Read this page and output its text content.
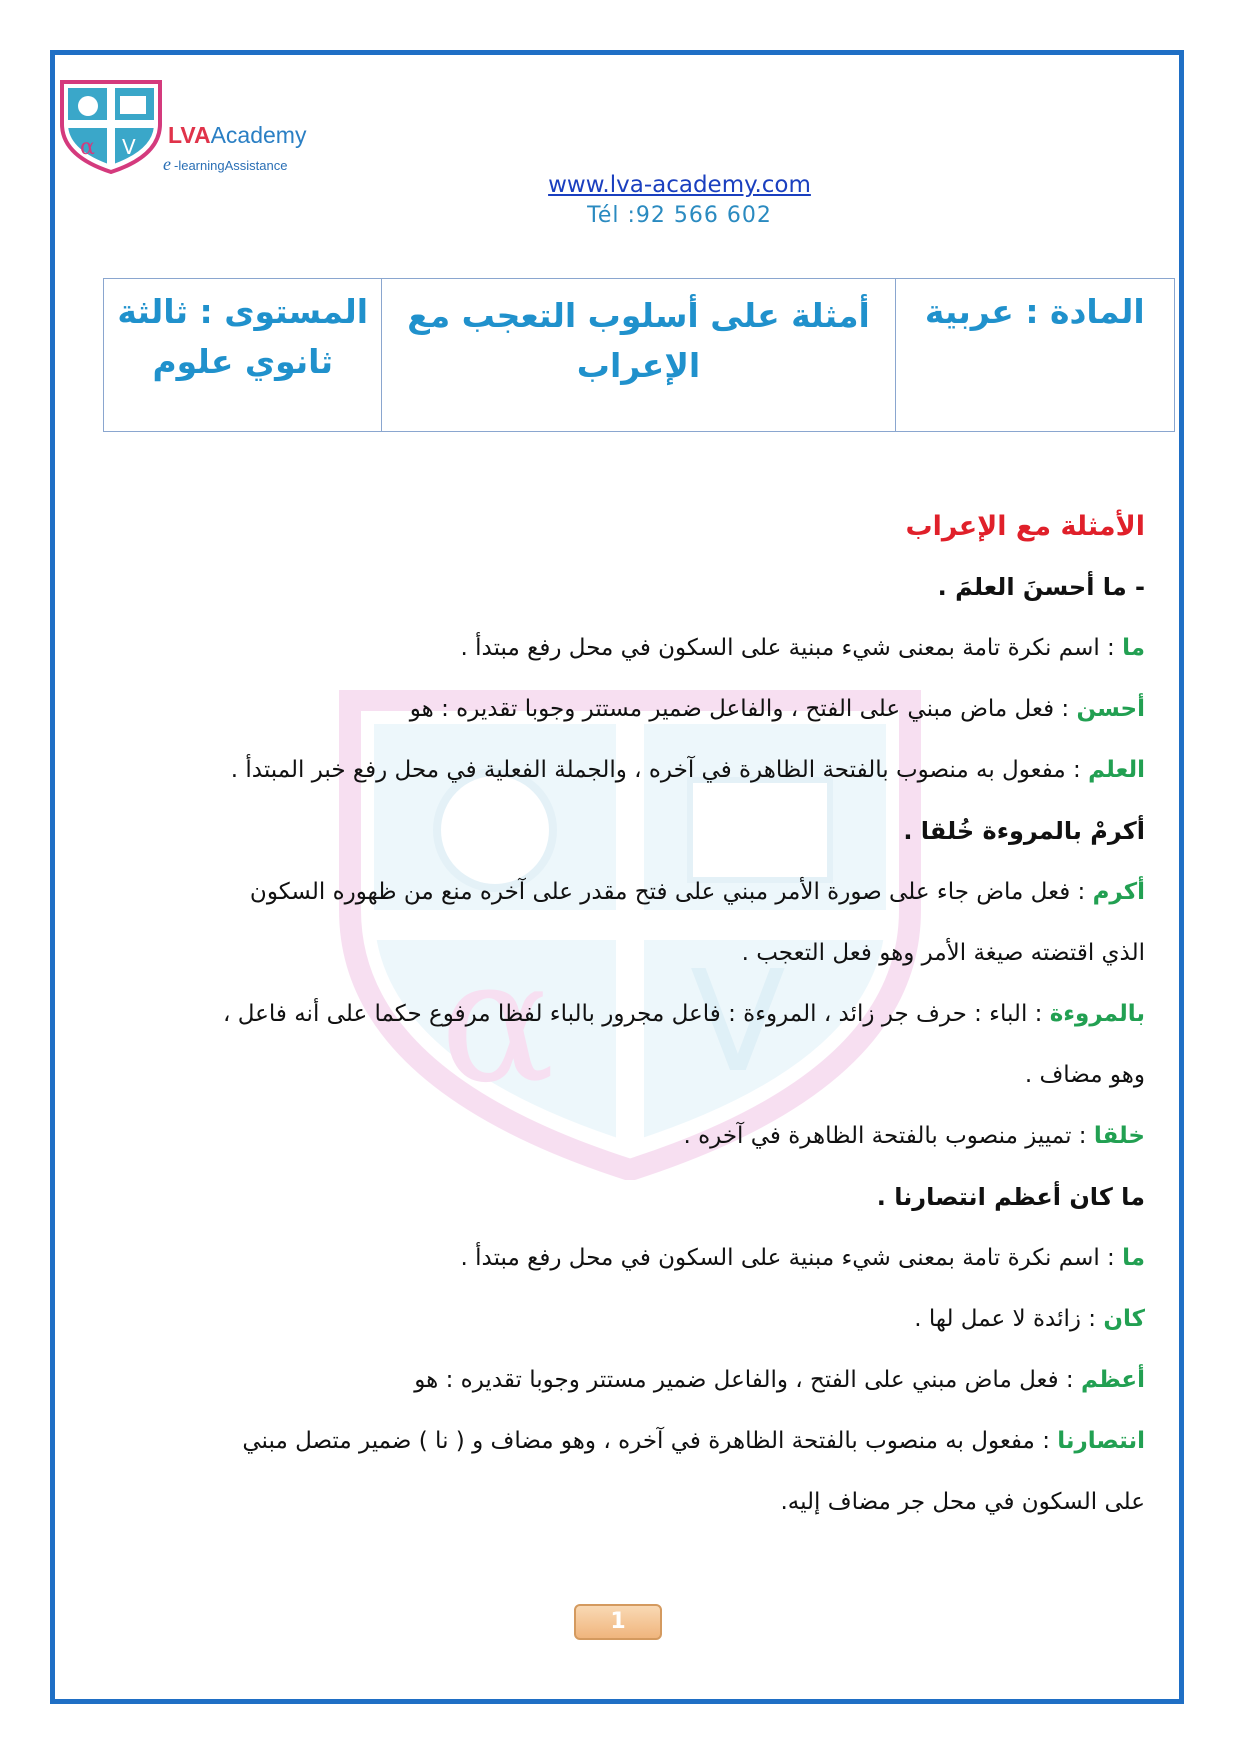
α V LVAAcademy
e -learningAssistance
www.lva-academy.com
Tél :92 566 602
المستوى : ثالثة ثانوي علوم
أمثلة على أسلوب التعجب مع الإعراب
المادة : عربية
α V
الأمثلة مع الإعراب
- ما أحسنَ العلمَ .
ما : اسم نكرة تامة بمعنى شيء مبنية على السكون في محل رفع مبتدأ .
أحسن : فعل ماض مبني على الفتح ، والفاعل ضمير مستتر وجوبا تقديره : هو
العلم : مفعول به منصوب بالفتحة الظاهرة في آخره ، والجملة الفعلية في محل رفع خبر المبتدأ .
أكرمْ بالمروءة خُلقا .
أكرم : فعل ماض جاء على صورة الأمر مبني على فتح مقدر على آخره منع من ظهوره السكون
الذي اقتضته صيغة الأمر وهو فعل التعجب .
بالمروءة : الباء : حرف جر زائد ، المروءة : فاعل مجرور بالباء لفظا مرفوع حكما على أنه فاعل ،
وهو مضاف .
خلقا : تمييز منصوب بالفتحة الظاهرة في آخره .
ما كان أعظم انتصارنا .
ما : اسم نكرة تامة بمعنى شيء مبنية على السكون في محل رفع مبتدأ .
كان : زائدة لا عمل لها .
أعظم : فعل ماض مبني على الفتح ، والفاعل ضمير مستتر وجوبا تقديره : هو
انتصارنا : مفعول به منصوب بالفتحة الظاهرة في آخره ، وهو مضاف و ( نا ) ضمير متصل مبني
على السكون في محل جر مضاف إليه.
1
